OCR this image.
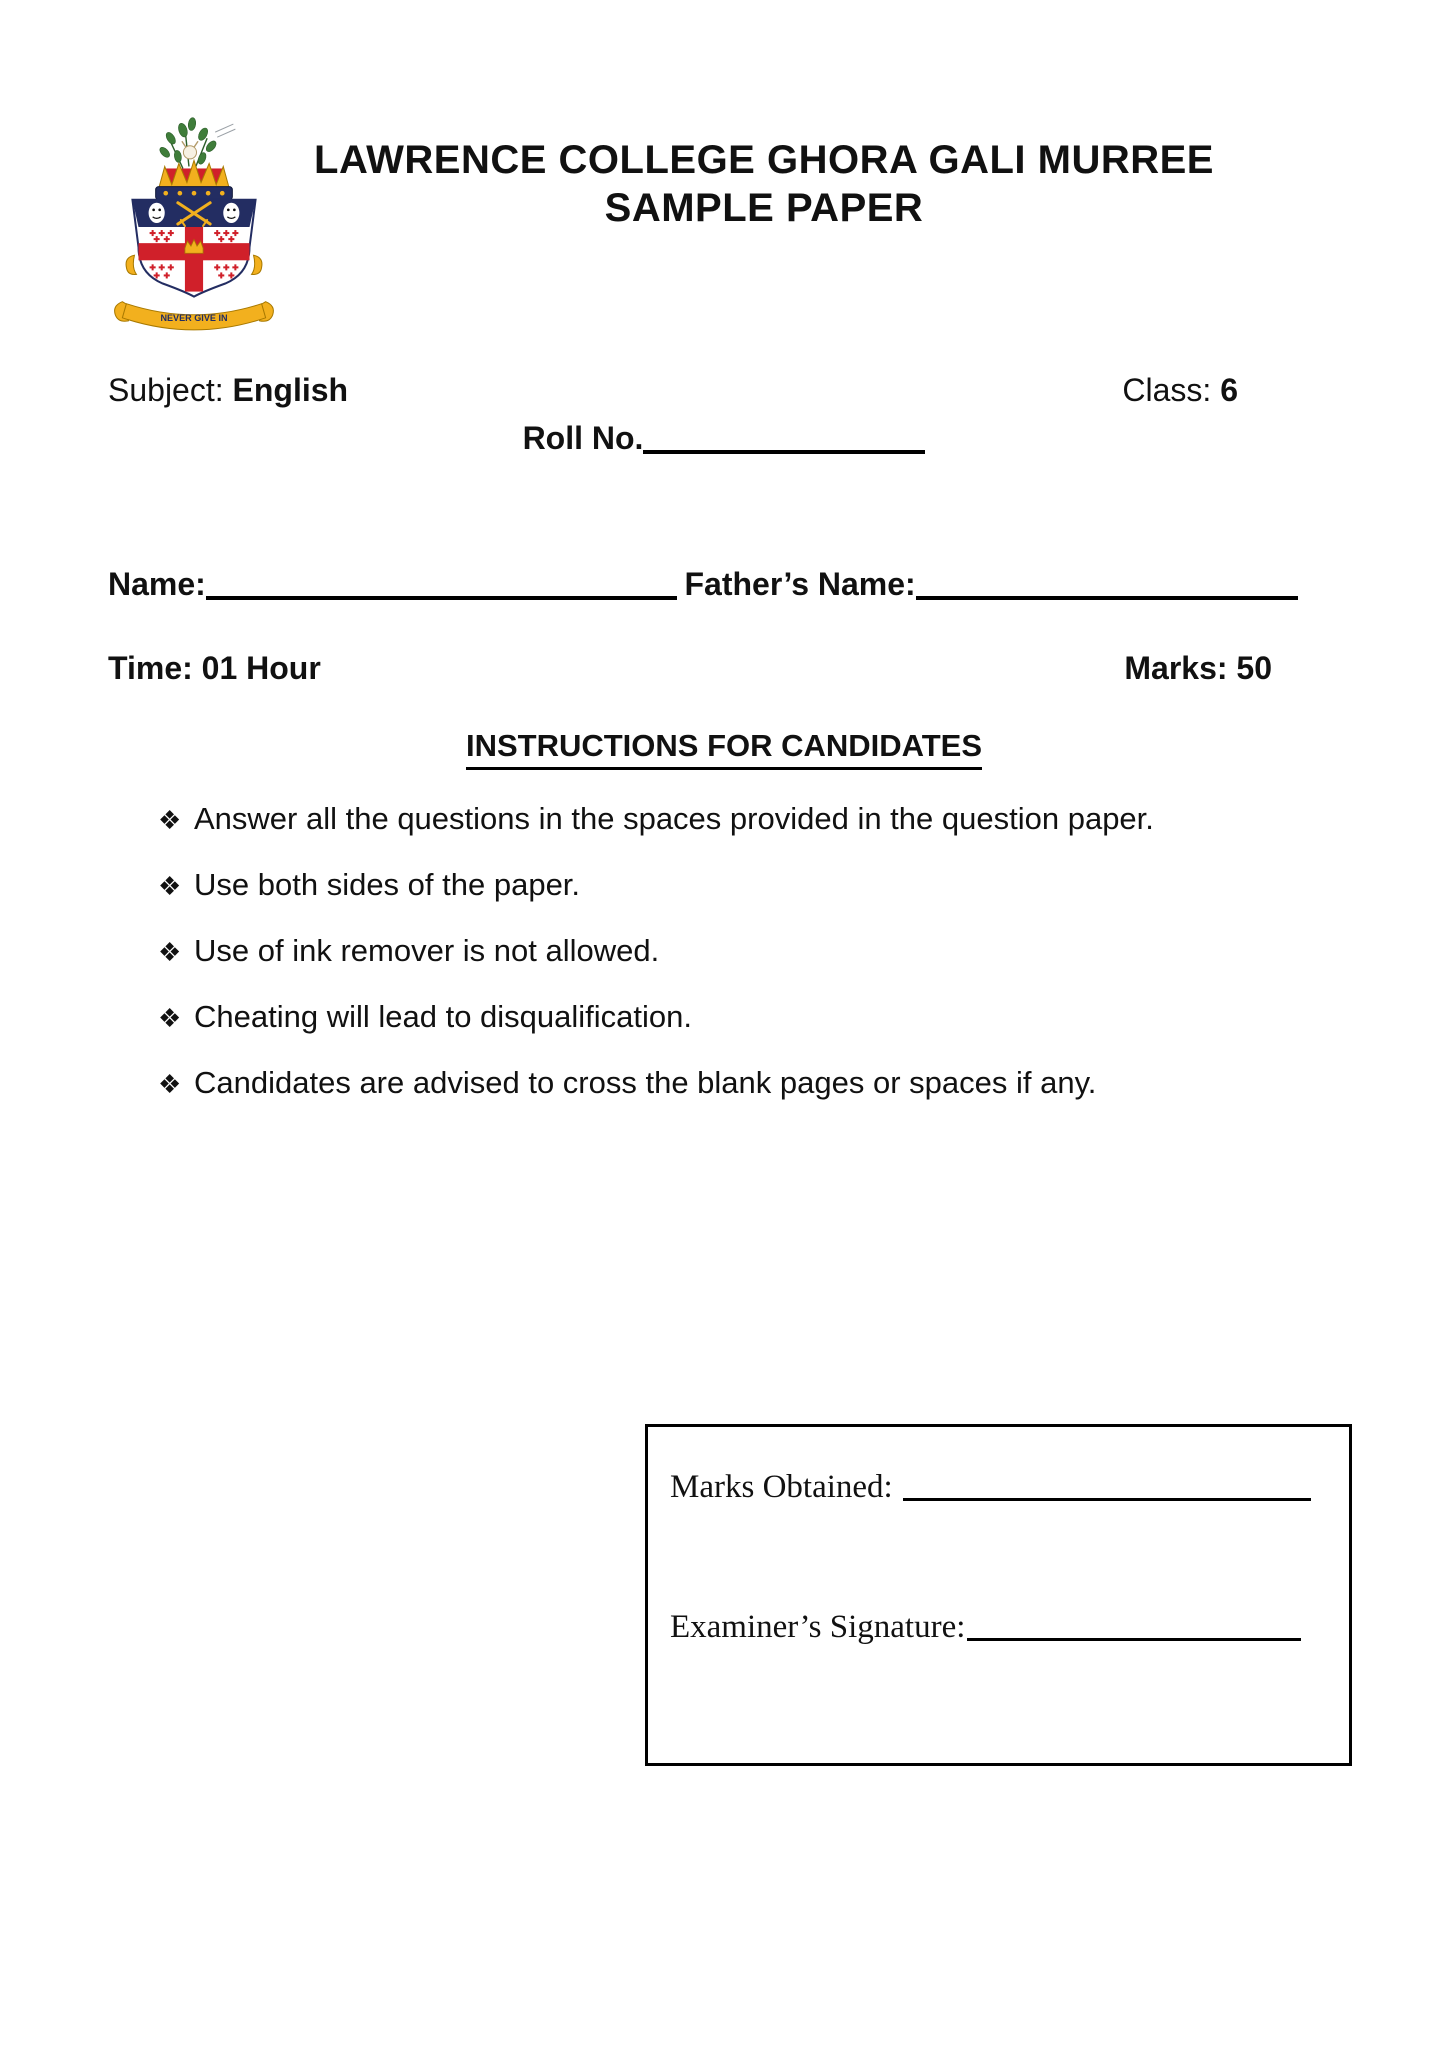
NEVER GIVE IN
LAWRENCE COLLEGE GHORA GALI MURREE
SAMPLE PAPER
Subject: English	Class: 6
Roll No.
Name:	Father’s Name:
Time: 01 Hour	Marks: 50
INSTRUCTIONS FOR CANDIDATES
❖ Answer all the questions in the spaces provided in the question paper.
❖ Use both sides of the paper.
❖ Use of ink remover is not allowed.
❖ Cheating will lead to disqualification.
❖ Candidates are advised to cross the blank pages or spaces if any.
Marks Obtained:
Examiner’s Signature:
